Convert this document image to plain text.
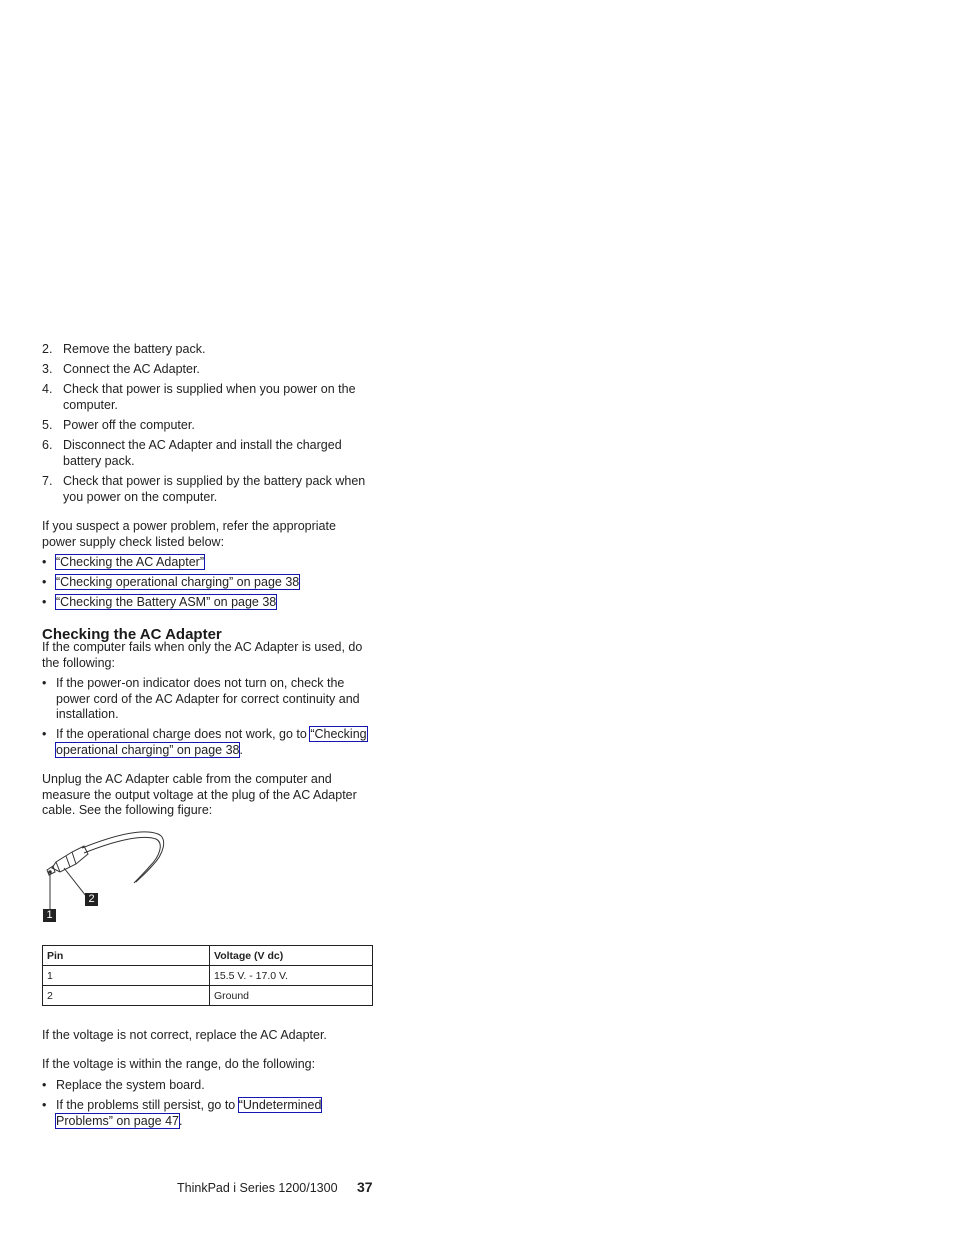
2. Remove the battery pack.
3. Connect the AC Adapter.
4. Check that power is supplied when you power on the computer.
5. Power off the computer.
6. Disconnect the AC Adapter and install the charged battery pack.
7. Check that power is supplied by the battery pack when you power on the computer.
If you suspect a power problem, refer the appropriate power supply check listed below:
• “Checking the AC Adapter”
• “Checking operational charging” on page 38
• “Checking the Battery ASM” on page 38
Checking the AC Adapter
If the computer fails when only the AC Adapter is used, do the following:
• If the power-on indicator does not turn on, check the power cord of the AC Adapter for correct continuity and installation.
• If the operational charge does not work, go to “Checking operational charging” on page 38.
Unplug the AC Adapter cable from the computer and measure the output voltage at the plug of the AC Adapter cable. See the following figure:
2
1
Pin	Voltage (V dc)
1	15.5 V. - 17.0 V.
2	Ground
If the voltage is not correct, replace the AC Adapter.
If the voltage is within the range, do the following:
• Replace the system board.
• If the problems still persist, go to “Undetermined Problems” on page 47.
ThinkPad i Series 1200/1300 37
